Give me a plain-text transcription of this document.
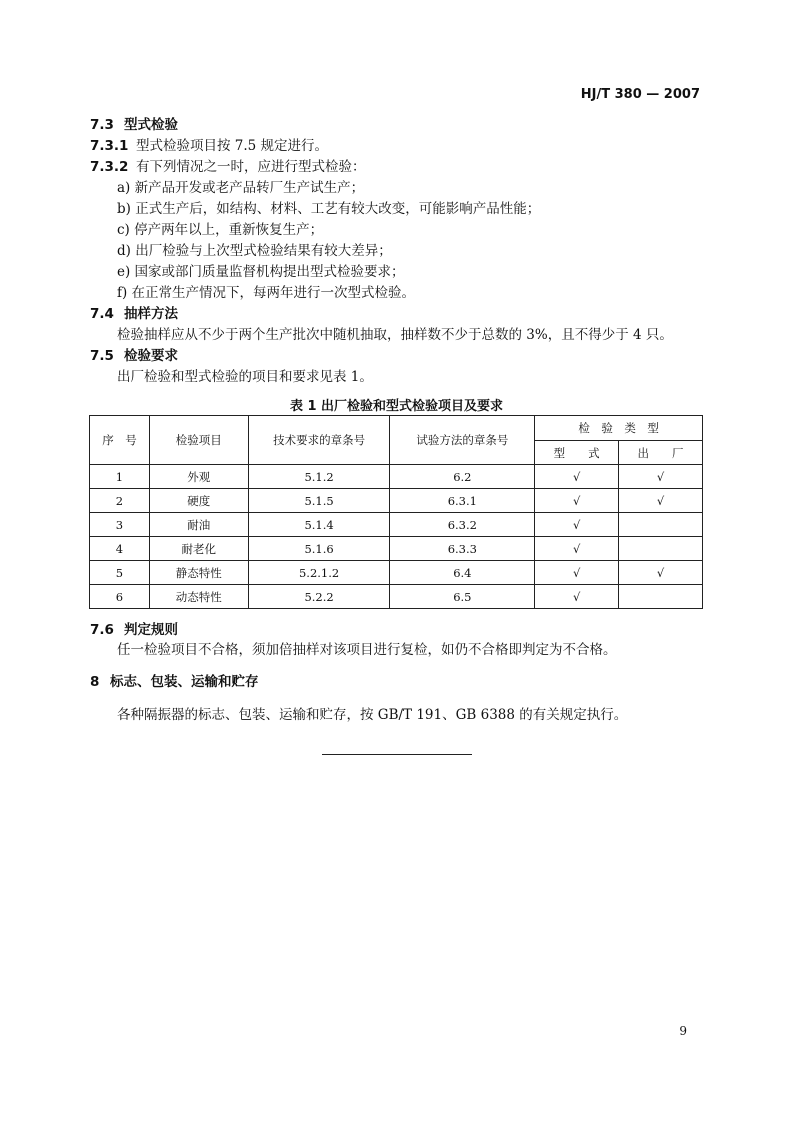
HJ/T 380 — 2007
7.3 型式检验
7.3.1 型式检验项目按 7.5 规定进行。
7.3.2 有下列情况之一时，应进行型式检验：
a) 新产品开发或老产品转厂生产试生产；
b) 正式生产后，如结构、材料、工艺有较大改变，可能影响产品性能；
c) 停产两年以上，重新恢复生产；
d) 出厂检验与上次型式检验结果有较大差异；
e) 国家或部门质量监督机构提出型式检验要求；
f) 在正常生产情况下，每两年进行一次型式检验。
7.4 抽样方法
检验抽样应从不少于两个生产批次中随机抽取，抽样数不少于总数的 3%，且不得少于 4 只。
7.5 检验要求
出厂检验和型式检验的项目和要求见表 1。
表 1 出厂检验和型式检验项目及要求
序　号	检验项目	技术要求的章条号	试验方法的章条号	检　验　类　型	
				型　　式	出　　厂
1	外观	5.1.2	6.2	√	√
2	硬度	5.1.5	6.3.1	√	√
3	耐油	5.1.4	6.3.2	√	
4	耐老化	5.1.6	6.3.3	√	
5	静态特性	5.2.1.2	6.4	√	√
6	动态特性	5.2.2	6.5	√	
7.6 判定规则
任一检验项目不合格，须加倍抽样对该项目进行复检，如仍不合格即判定为不合格。
8 标志、包装、运输和贮存
各种隔振器的标志、包装、运输和贮存，按 GB/T 191、GB 6388 的有关规定执行。
9
